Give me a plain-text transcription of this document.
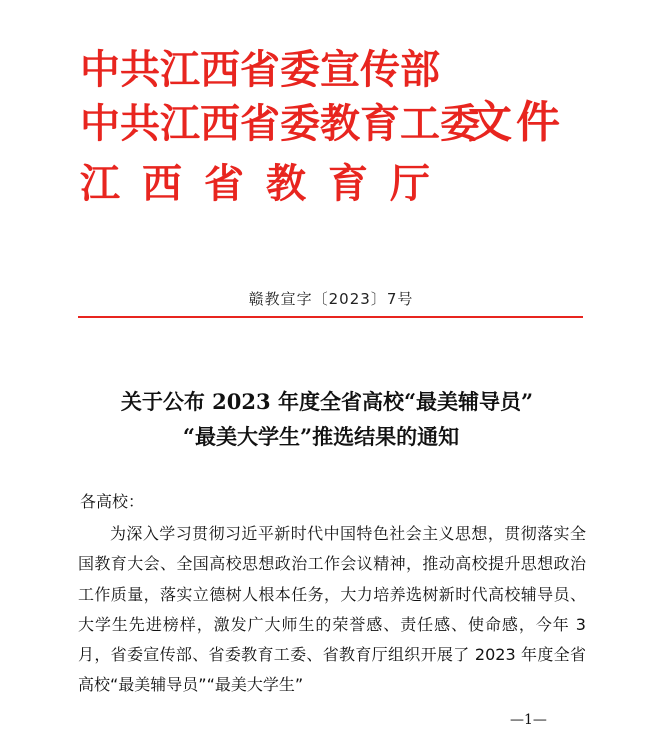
中共江西省委宣传部
中共江西省委教育工委
江西省教育厅
文件
赣教宣字〔2023〕7号
关于公布 2023 年度全省高校“最美辅导员”
“最美大学生”推选结果的通知
各高校：

为深入学习贯彻习近平新时代中国特色社会主义思想，贯彻落实全国教育大会、全国高校思想政治工作会议精神，推动高校提升思想政治工作质量，落实立德树人根本任务，大力培养选树新时代高校辅导员、大学生先进榜样，激发广大师生的荣誉感、责任感、使命感，今年 3 月，省委宣传部、省委教育工委、省教育厅组织开展了 2023 年度全省高校“最美辅导员”“最美大学生”

—1—
